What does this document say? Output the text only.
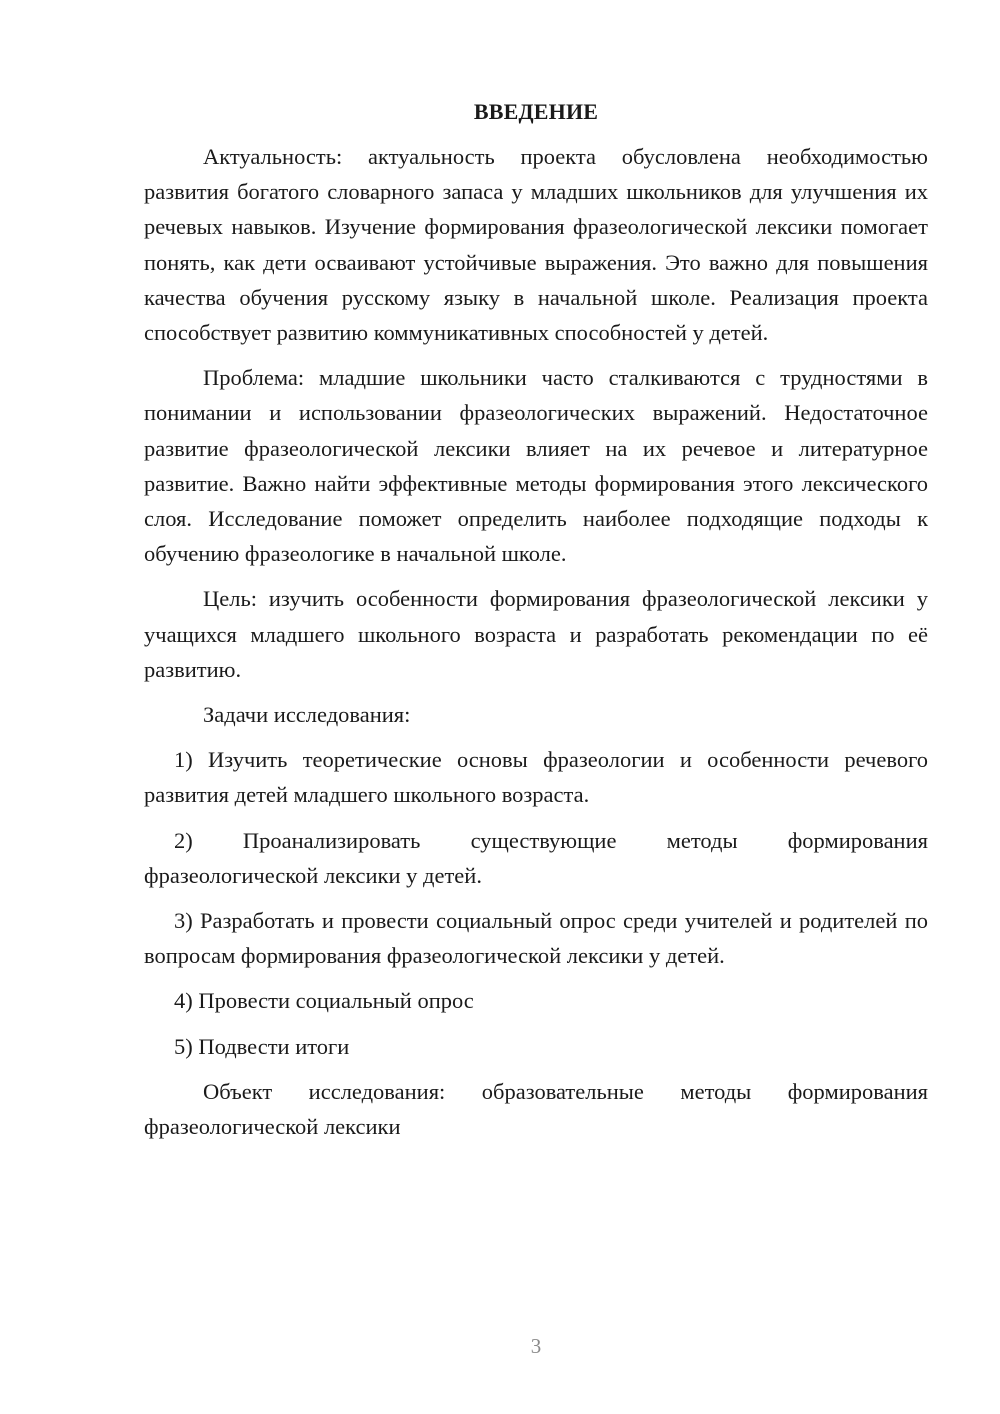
ВВЕДЕНИЕ

Актуальность: актуальность проекта обусловлена необходимостью развития богатого словарного запаса у младших школьников для улучшения их речевых навыков. Изучение формирования фразеологической лексики помогает понять, как дети осваивают устойчивые выражения. Это важно для повышения качества обучения русскому языку в начальной школе. Реализация проекта способствует развитию коммуникативных способностей у детей.

Проблема: младшие школьники часто сталкиваются с трудностями в понимании и использовании фразеологических выражений. Недостаточное развитие фразеологической лексики влияет на их речевое и литературное развитие. Важно найти эффективные методы формирования этого лексического слоя. Исследование поможет определить наиболее подходящие подходы к обучению фразеологике в начальной школе.

Цель: изучить особенности формирования фразеологической лексики у учащихся младшего школьного возраста и разработать рекомендации по её развитию.

Задачи исследования:

1) Изучить теоретические основы фразеологии и особенности речевого развития детей младшего школьного возраста.

2) Проанализировать существующие методы формирования фразеологической лексики у детей.

3) Разработать и провести социальный опрос среди учителей и родителей по вопросам формирования фразеологической лексики у детей.

4) Провести социальный опрос

5) Подвести итоги

Объект исследования: образовательные методы формирования фразеологической лексики

3
